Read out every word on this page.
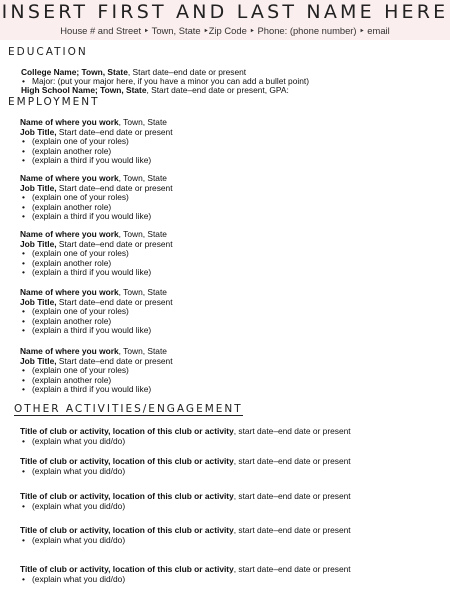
INSERT FIRST AND LAST NAME HERE
House # and Street ‣ Town, State ‣Zip Code ‣ Phone: (phone number) ‣ email
EDUCATION
College Name; Town, State, Start date–end date or present
• Major: (put your major here, if you have a minor you can add a bullet point)
High School Name; Town, State, Start date–end date or present, GPA:
EMPLOYMENT
Name of where you work, Town, State
Job Title, Start date–end date or present
• (explain one of your roles)
• (explain another role)
• (explain a third if you would like)
Name of where you work, Town, State
Job Title, Start date–end date or present
• (explain one of your roles)
• (explain another role)
• (explain a third if you would like)
Name of where you work, Town, State
Job Title, Start date–end date or present
• (explain one of your roles)
• (explain another role)
• (explain a third if you would like)
Name of where you work, Town, State
Job Title, Start date–end date or present
• (explain one of your roles)
• (explain another role)
• (explain a third if you would like)
Name of where you work, Town, State
Job Title, Start date–end date or present
• (explain one of your roles)
• (explain another role)
• (explain a third if you would like)
OTHER ACTIVITIES/ENGAGEMENT
Title of club or activity, location of this club or activity, start date–end date or present
• (explain what you did/do)
Title of club or activity, location of this club or activity, start date–end date or present
• (explain what you did/do)
Title of club or activity, location of this club or activity, start date–end date or present
• (explain what you did/do)
Title of club or activity, location of this club or activity, start date–end date or present
• (explain what you did/do)
Title of club or activity, location of this club or activity, start date–end date or present
• (explain what you did/do)
